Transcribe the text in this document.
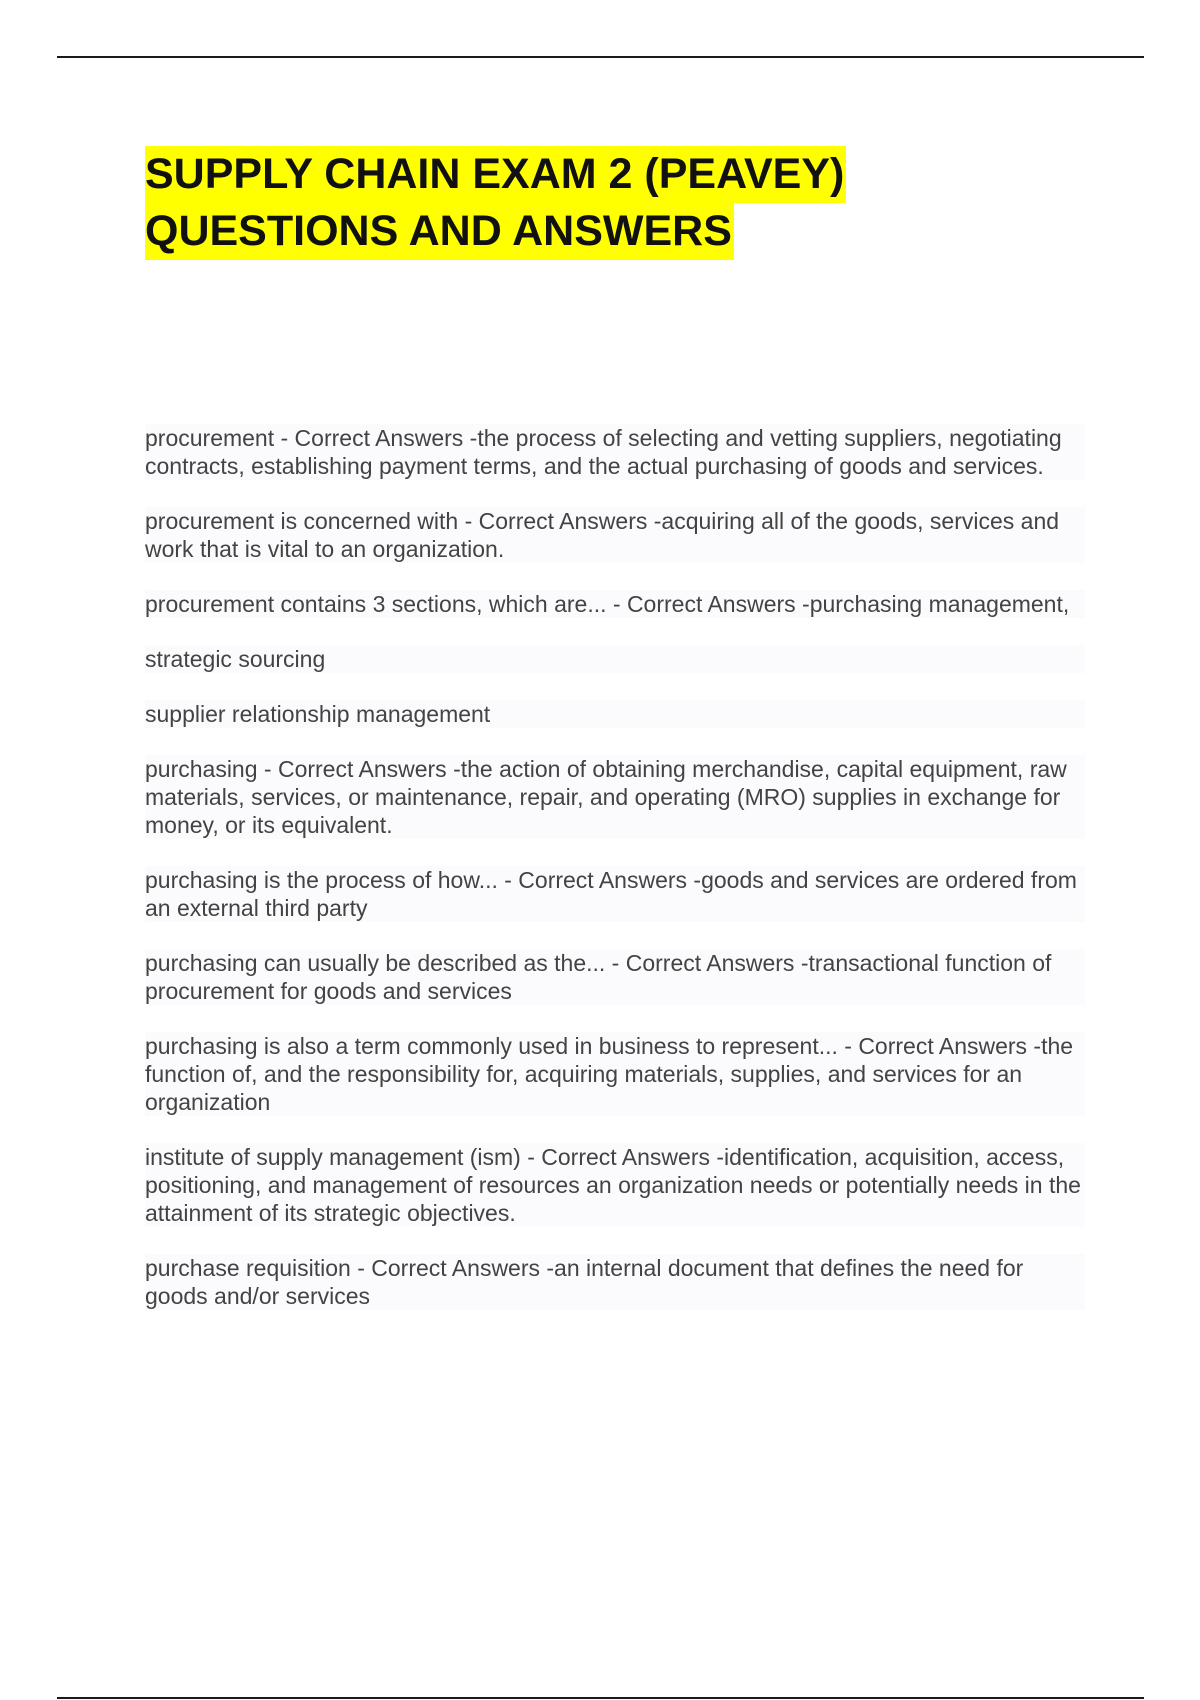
SUPPLY CHAIN EXAM 2 (PEAVEY)
QUESTIONS AND ANSWERS

procurement - Correct Answers -the process of selecting and vetting suppliers, negotiating contracts, establishing payment terms, and the actual purchasing of goods and services.

procurement is concerned with - Correct Answers -acquiring all of the goods, services and work that is vital to an organization.

procurement contains 3 sections, which are... - Correct Answers -purchasing management,

strategic sourcing

supplier relationship management

purchasing - Correct Answers -the action of obtaining merchandise, capital equipment, raw materials, services, or maintenance, repair, and operating (MRO) supplies in exchange for money, or its equivalent.

purchasing is the process of how... - Correct Answers -goods and services are ordered from an external third party

purchasing can usually be described as the... - Correct Answers -transactional function of procurement for goods and services

purchasing is also a term commonly used in business to represent... - Correct Answers -the function of, and the responsibility for, acquiring materials, supplies, and services for an organization

institute of supply management (ism) - Correct Answers -identification, acquisition, access, positioning, and management of resources an organization needs or potentially needs in the attainment of its strategic objectives.

purchase requisition - Correct Answers -an internal document that defines the need for goods and/or services
